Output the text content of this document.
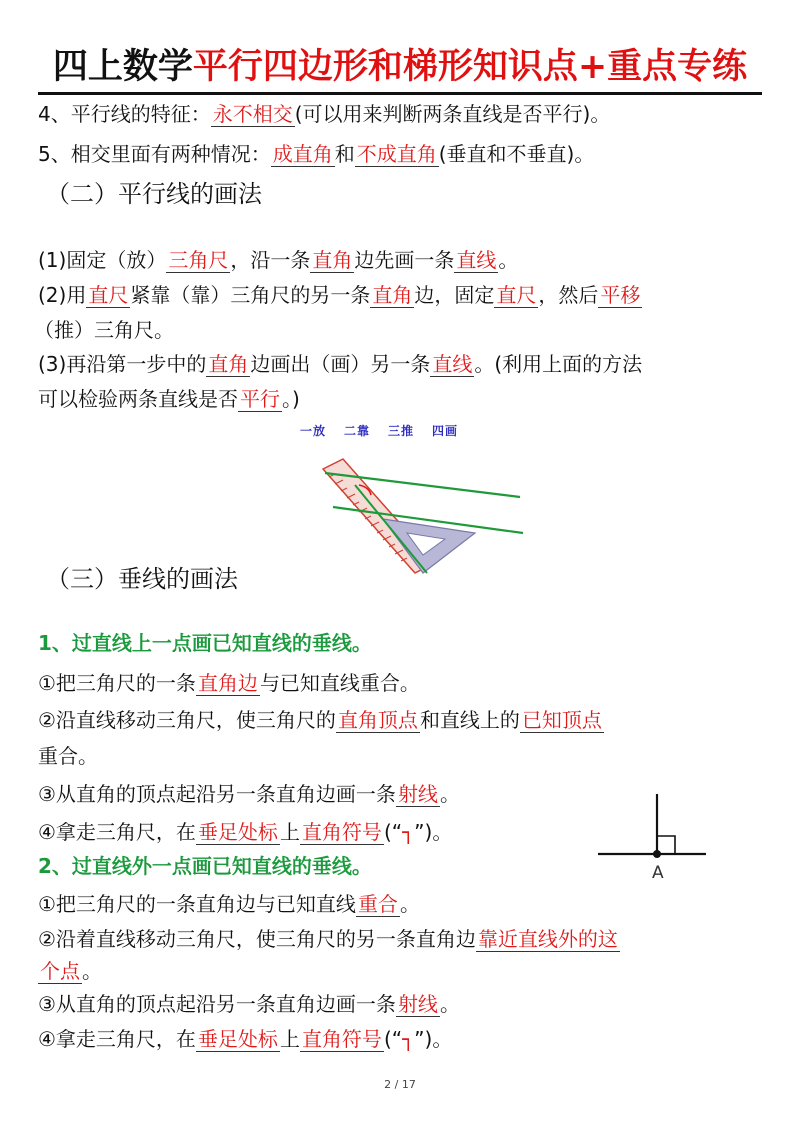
四上数学平行四边形和梯形知识点+重点专练
4、平行线的特征： 永不相交 (可以用来判断两条直线是否平行)。
5、相交里面有两种情况： 成直角 和 不成直角 (垂直和不垂直)。
（二）平行线的画法
(1)固定（放） 三角尺 ，沿一条 直角 边先画一条 直线 。
(2)用 直尺 紧靠（靠）三角尺的另一条 直角 边，固定 直尺 ，然后 平移
（推）三角尺。
(3)再沿第一步中的 直角 边画出（画）另一条 直线 。(利用上面的方法
可以检验两条直线是否 平行 。)
一放 二靠 三推 四画
（三）垂线的画法
1、过直线上一点画已知直线的垂线。
①把三角尺的一条 直角边 与已知直线重合。
②沿直线移动三角尺，使三角尺的 直角顶点 和直线上的 已知顶点
重合。
③从直角的顶点起沿另一条直角边画一条 射线 。
④拿走三角尺，在 垂足处标 上 直角符号 (“┐”)。
A
2、过直线外一点画已知直线的垂线。
①把三角尺的一条直角边与已知直线 重合 。
②沿着直线移动三角尺，使三角尺的另一条直角边 靠近直线外的这
个点 。
③从直角的顶点起沿另一条直角边画一条 射线 。
④拿走三角尺，在 垂足处标 上 直角符号 (“┐”)。
2 / 17
